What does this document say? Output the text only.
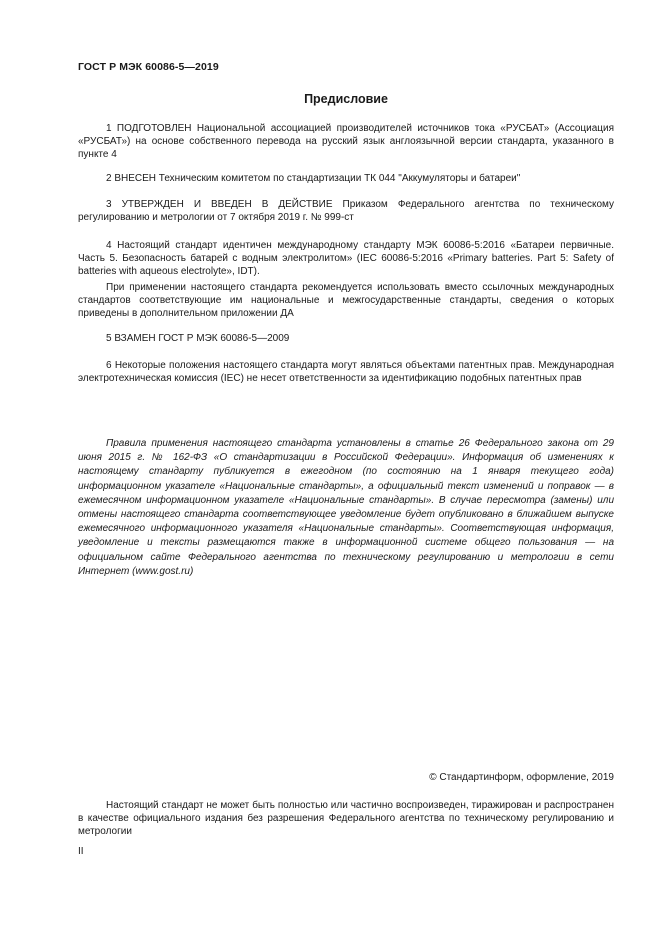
ГОСТ Р МЭК 60086-5—2019
Предисловие
1 ПОДГОТОВЛЕН Национальной ассоциацией производителей источников тока «РУСБАТ» (Ассоциация «РУСБАТ») на основе собственного перевода на русский язык англоязычной версии стандарта, указанного в пункте 4
2 ВНЕСЕН Техническим комитетом по стандартизации ТК 044 "Аккумуляторы и батареи"
3 УТВЕРЖДЕН И ВВЕДЕН В ДЕЙСТВИЕ Приказом Федерального агентства по техническому регулированию и метрологии от 7 октября 2019 г. № 999-ст
4 Настоящий стандарт идентичен международному стандарту МЭК 60086-5:2016 «Батареи первичные. Часть 5. Безопасность батарей с водным электролитом» (IEC 60086-5:2016 «Primary batteries. Part 5: Safety of batteries with aqueous electrolyte», IDT).
При применении настоящего стандарта рекомендуется использовать вместо ссылочных международных стандартов соответствующие им национальные и межгосударственные стандарты, сведения о которых приведены в дополнительном приложении ДА
5 ВЗАМЕН ГОСТ Р МЭК 60086-5—2009
6 Некоторые положения настоящего стандарта могут являться объектами патентных прав. Международная электротехническая комиссия (IEC) не несет ответственности за идентификацию подобных патентных прав
Правила применения настоящего стандарта установлены в статье 26 Федерального закона от 29 июня 2015 г. № 162-ФЗ «О стандартизации в Российской Федерации». Информация об изменениях к настоящему стандарту публикуется в ежегодном (по состоянию на 1 января текущего года) информационном указателе «Национальные стандарты», а официальный текст изменений и поправок — в ежемесячном информационном указателе «Национальные стандарты». В случае пересмотра (замены) или отмены настоящего стандарта соответствующее уведомление будет опубликовано в ближайшем выпуске ежемесячного информационного указателя «Национальные стандарты». Соответствующая информация, уведомление и тексты размещаются также в информационной системе общего пользования — на официальном сайте Федерального агентства по техническому регулированию и метрологии в сети Интернет (www.gost.ru)
© Стандартинформ, оформление, 2019
Настоящий стандарт не может быть полностью или частично воспроизведен, тиражирован и распространен в качестве официального издания без разрешения Федерального агентства по техническому регулированию и метрологии
II
